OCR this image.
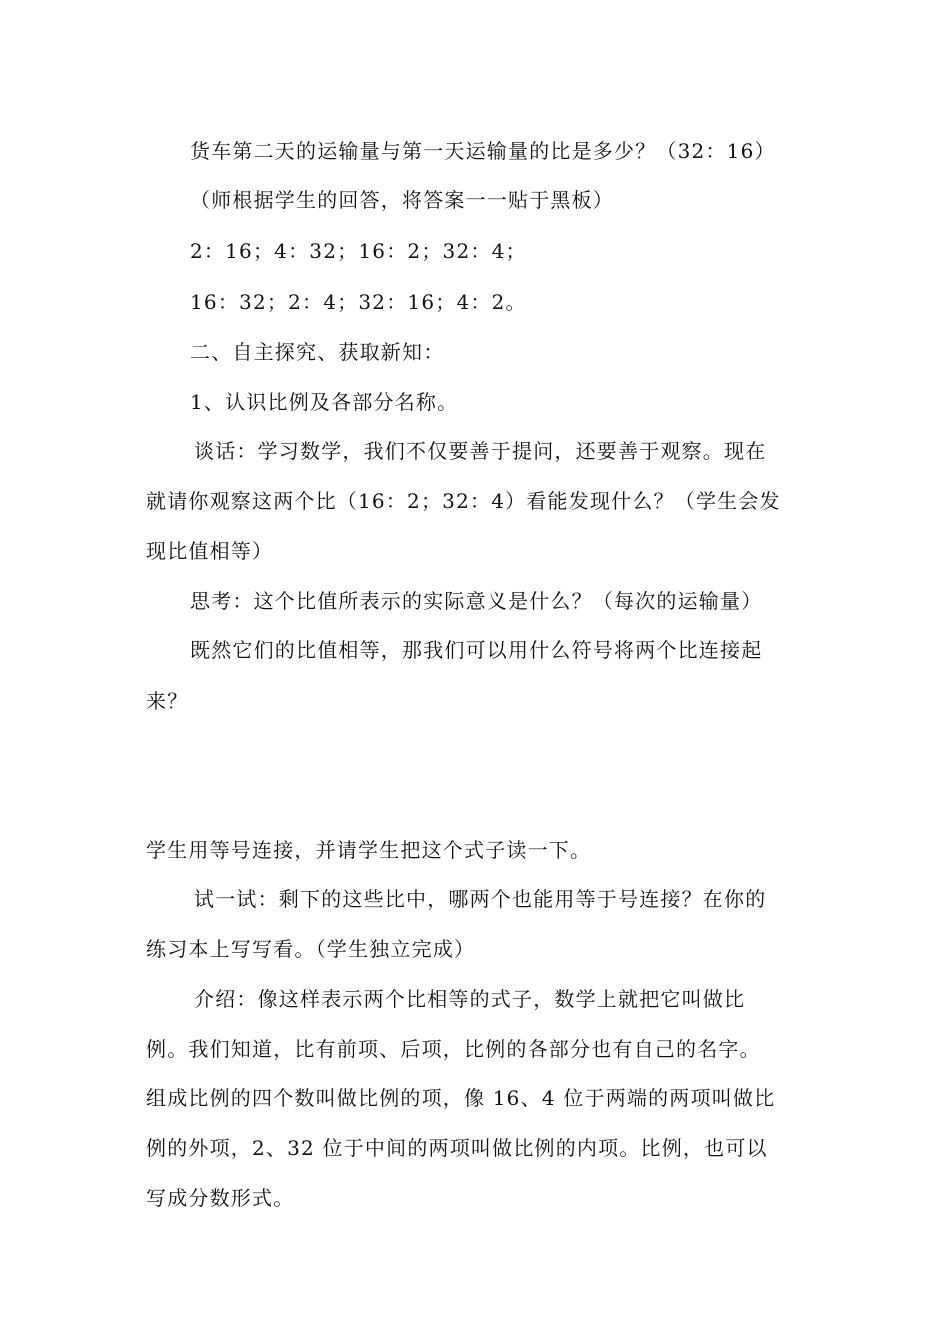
货车第二天的运输量与第一天运输量的比是多少？（32：16）
（师根据学生的回答，将答案一一贴于黑板）
2：16；4：32；16：2；32：4；
16：32；2：4；32：16；4：2。
二、自主探究、获取新知：
1、认识比例及各部分名称。
谈话：学习数学，我们不仅要善于提问，还要善于观察。现在
就请你观察这两个比（16：2；32：4）看能发现什么？（学生会发
现比值相等）
思考：这个比值所表示的实际意义是什么？（每次的运输量）
既然它们的比值相等，那我们可以用什么符号将两个比连接起
来？
学生用等号连接，并请学生把这个式子读一下。
试一试：剩下的这些比中，哪两个也能用等于号连接？在你的
练习本上写写看。（学生独立完成）
介绍：像这样表示两个比相等的式子，数学上就把它叫做比
例。我们知道，比有前项、后项，比例的各部分也有自己的名字。
组成比例的四个数叫做比例的项，像 16、4 位于两端的两项叫做比
例的外项，2、32 位于中间的两项叫做比例的内项。比例，也可以
写成分数形式。
